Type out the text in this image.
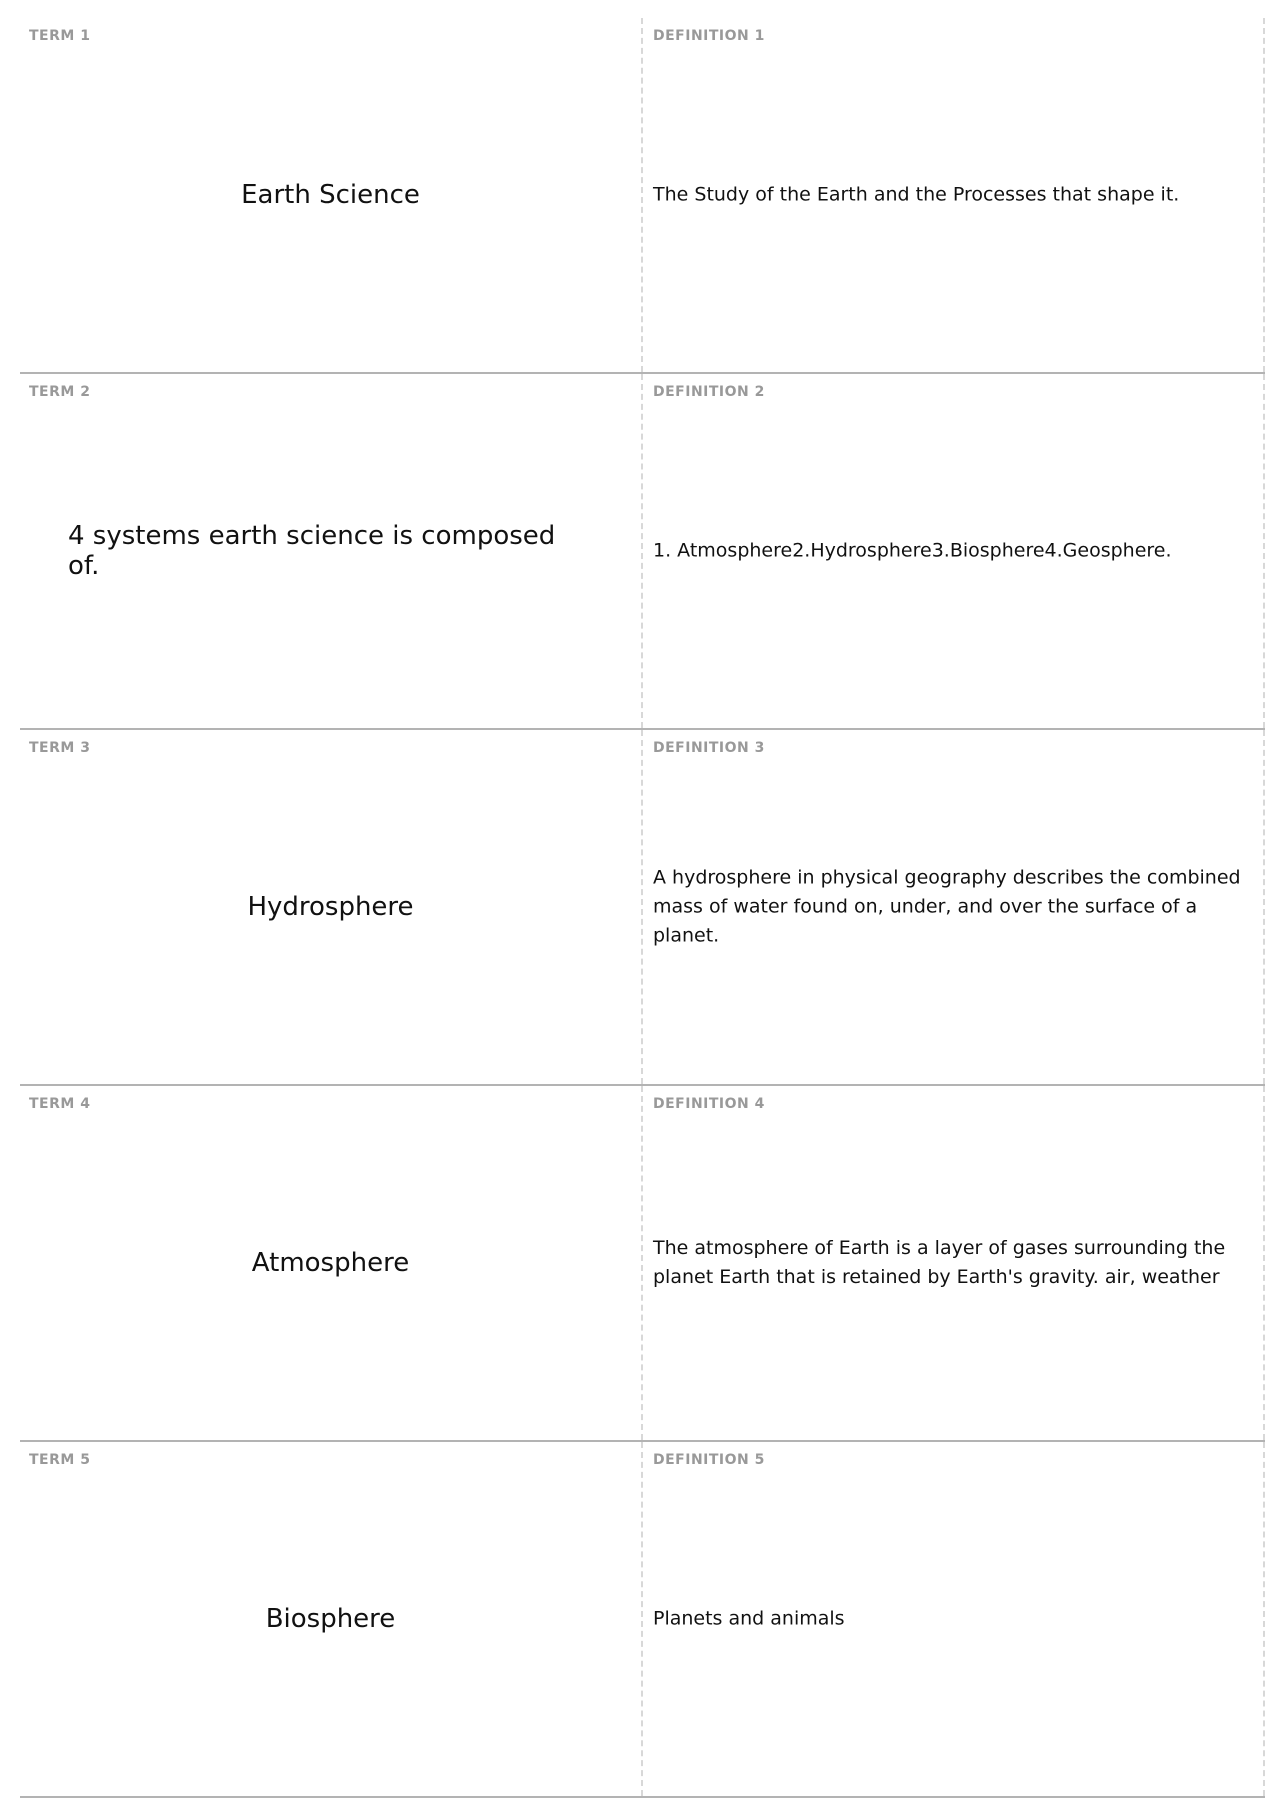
TERM 1
Earth Science
DEFINITION 1
The Study of the Earth and the Processes that shape it.
TERM 2
4 systems earth science is composed of.
DEFINITION 2
1. Atmosphere2.Hydrosphere3.Biosphere4.Geosphere.
TERM 3
Hydrosphere
DEFINITION 3
A hydrosphere in physical geography describes the combined mass of water found on, under, and over the surface of a planet.
TERM 4
Atmosphere
DEFINITION 4
The atmosphere of Earth is a layer of gases surrounding the planet Earth that is retained by Earth's gravity. air, weather
TERM 5
Biosphere
DEFINITION 5
Planets and animals
